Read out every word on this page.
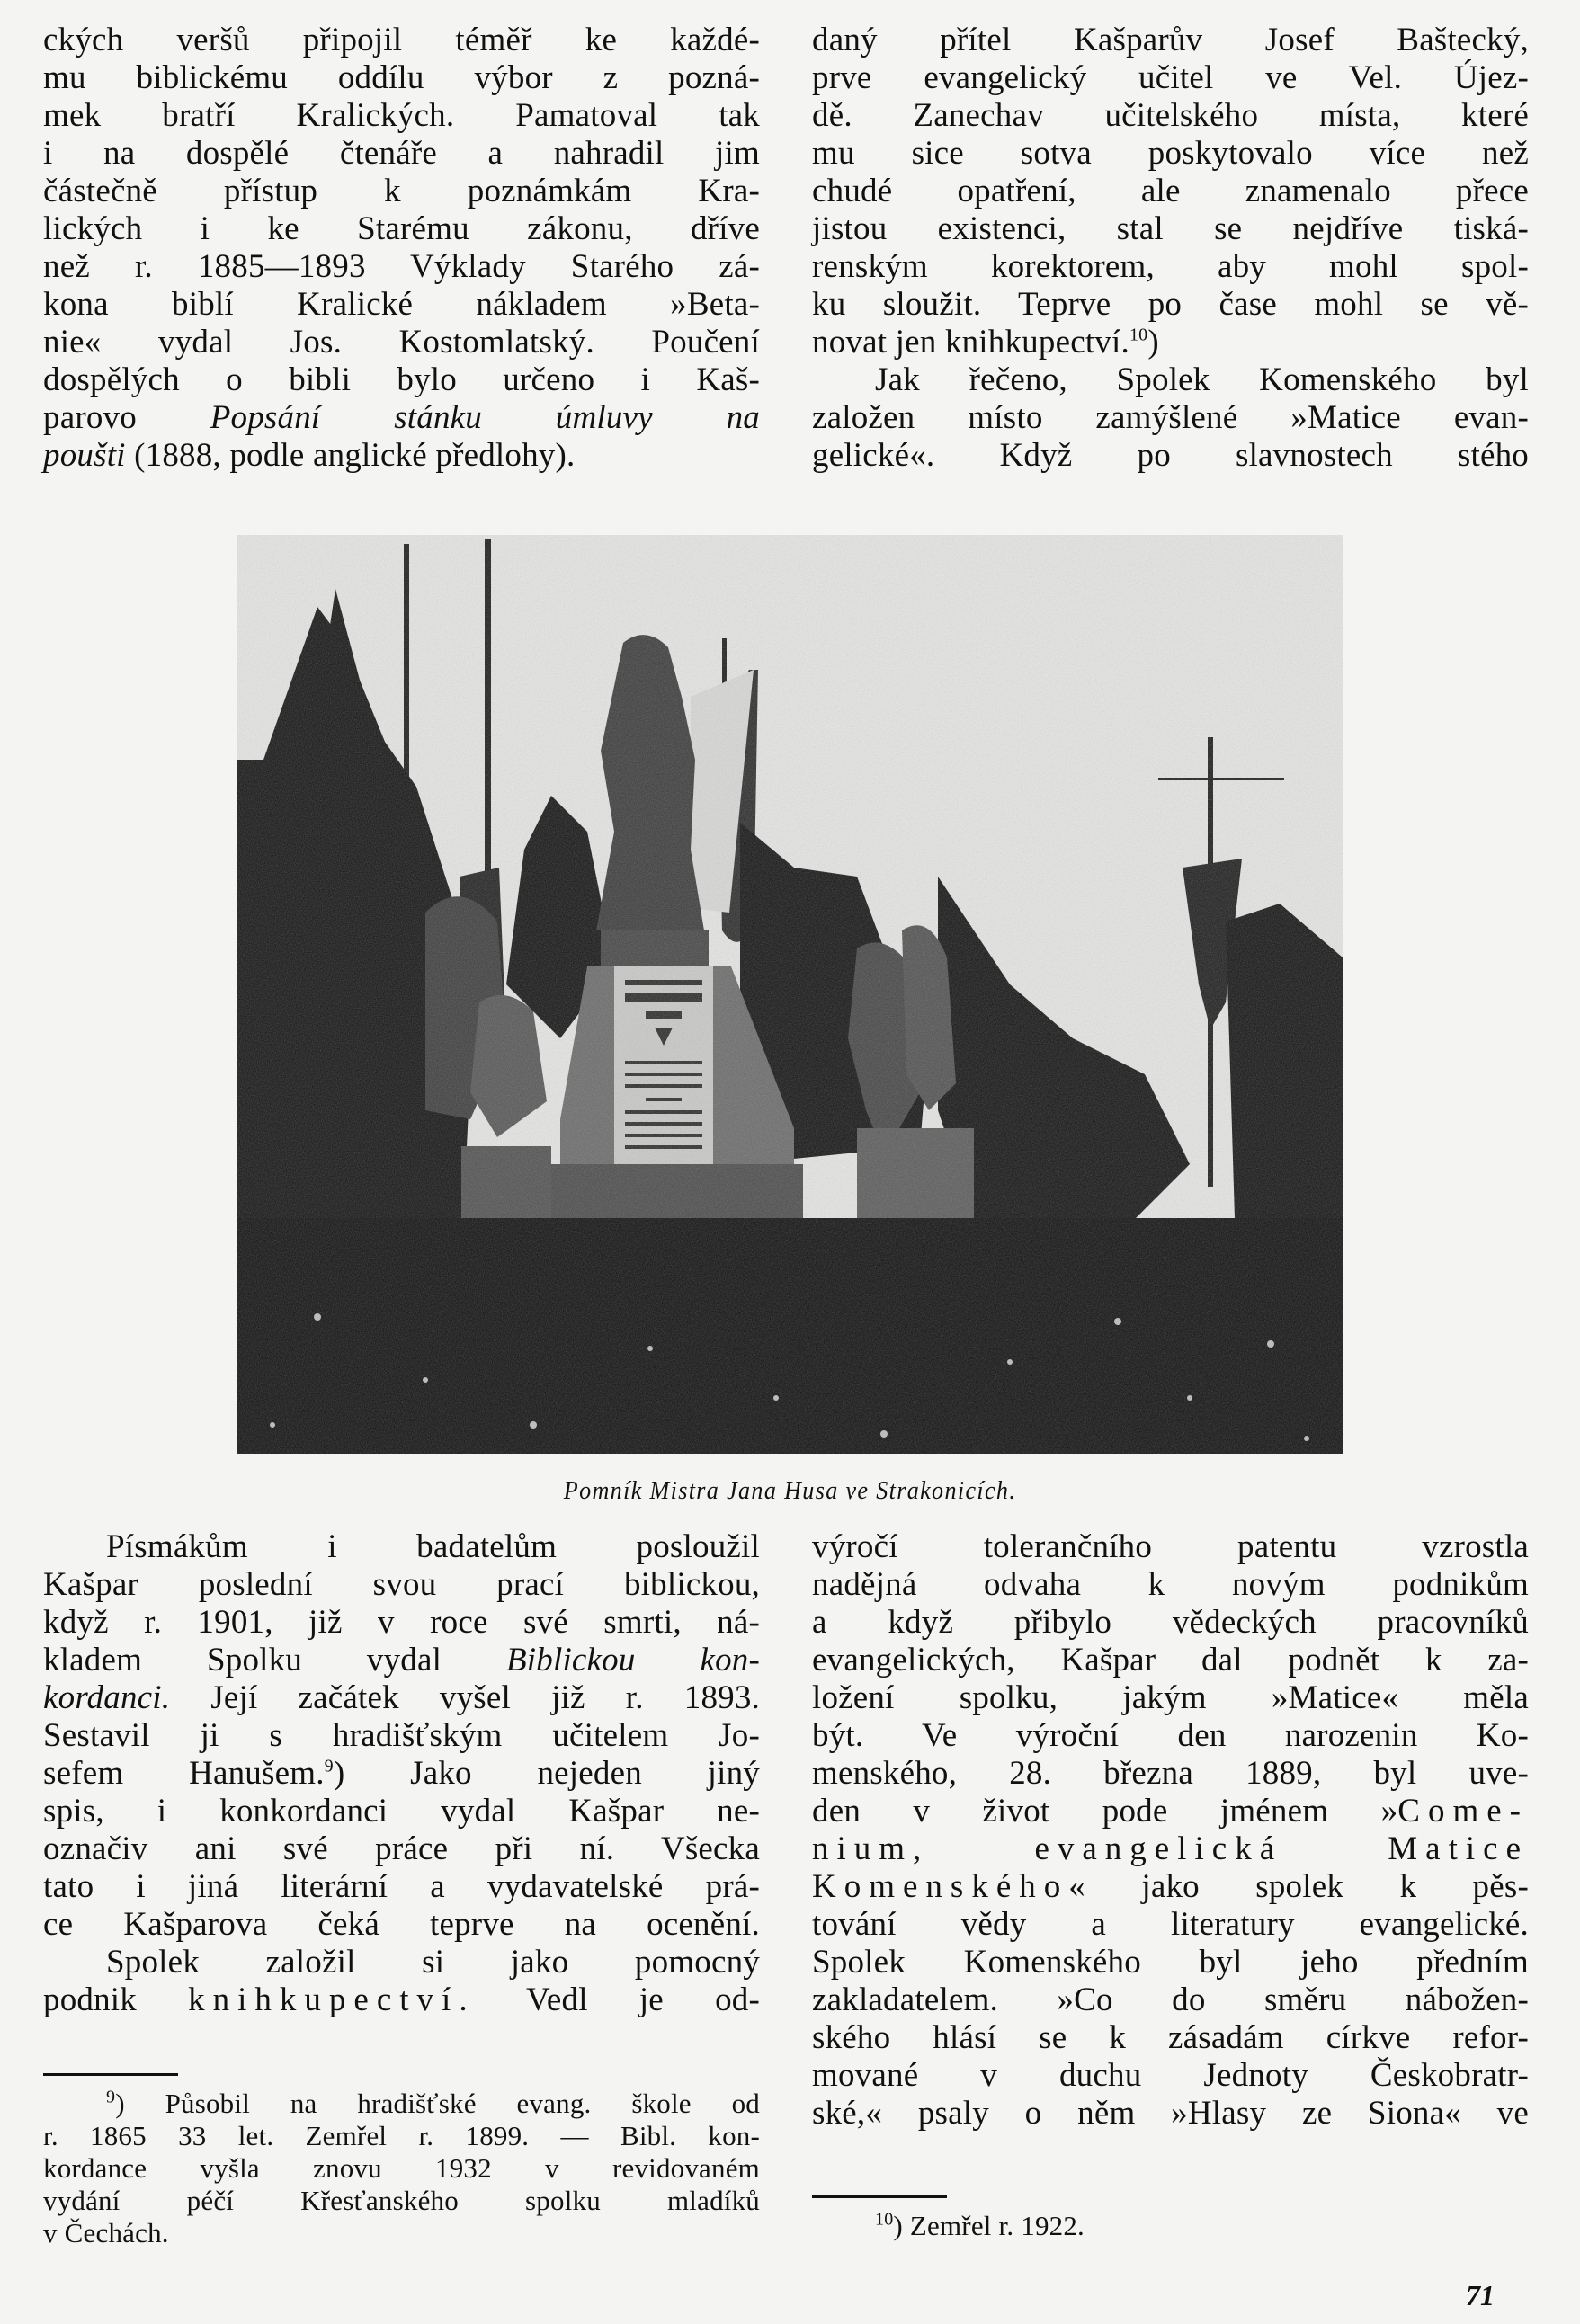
ckých veršů připojil téměř ke každé-
mu biblickému oddílu výbor z pozná-
mek bratří Kralických. Pamatoval tak
i na dospělé čtenáře a nahradil jim
částečně přístup k poznámkám Kra-
lických i ke Starému zákonu, dříve
než r. 1885—1893 Výklady Starého zá-
kona biblí Kralické nákladem »Beta-
nie« vydal Jos. Kostomlatský. Poučení
dospělých o bibli bylo určeno i Kaš-
parovo Popsání stánku úmluvy na
poušti (1888, podle anglické předlohy).
daný přítel Kašparův Josef Baštecký,
prve evangelický učitel ve Vel. Újez-
dě. Zanechav učitelského místa, které
mu sice sotva poskytovalo více než
chudé opatření, ale znamenalo přece
jistou existenci, stal se nejdříve tiská-
renským korektorem, aby mohl spol-
ku sloužit. Teprve po čase mohl se vě-
novat jen knihkupectví.$^{10}$)
Jak řečeno, Spolek Komenského byl
založen místo zamýšlené »Matice evan-
gelické«. Když po slavnostech stého
Pomník Mistra Jana Husa ve Strakonicích.
Písmákům i badatelům posloužil
Kašpar poslední svou prací biblickou,
když r. 1901, již v roce své smrti, ná-
kladem Spolku vydal Biblickou kon-
kordanci. Její začátek vyšel již r. 1893.
Sestavil ji s hradišťským učitelem Jo-
sefem Hanušem.$^9$) Jako nejeden jiný
spis, i konkordanci vydal Kašpar ne-
označiv ani své práce při ní. Všecka
tato i jiná literární a vydavatelské prá-
ce Kašparova čeká teprve na ocenění.
Spolek založil si jako pomocný
podnik knihkupectví. Vedl je od-
$^9$) Působil na hradišťské evang. škole od
r. 1865 33 let. Zemřel r. 1899. — Bibl. kon-
kordance vyšla znovu 1932 v revidovaném
vydání péčí Křesťanského spolku mladíků
v Čechách.
výročí tolerančního patentu vzrostla
nadějná odvaha k novým podnikům
a když přibylo vědeckých pracovníků
evangelických, Kašpar dal podnět k za-
ložení spolku, jakým »Matice« měla
být. Ve výroční den narozenin Ko-
menského, 28. března 1889, byl uve-
den v život pode jménem »Come-
nium, evangelická Matice
Komenského« jako spolek k pěs-
tování vědy a literatury evangelické.
Spolek Komenského byl jeho předním
zakladatelem. »Co do směru nábožen-
ského hlásí se k zásadám církve refor-
mované v duchu Jednoty Českobratr-
ské,« psaly o něm »Hlasy ze Siona« ve
$^{10}$) Zemřel r. 1922.
71
